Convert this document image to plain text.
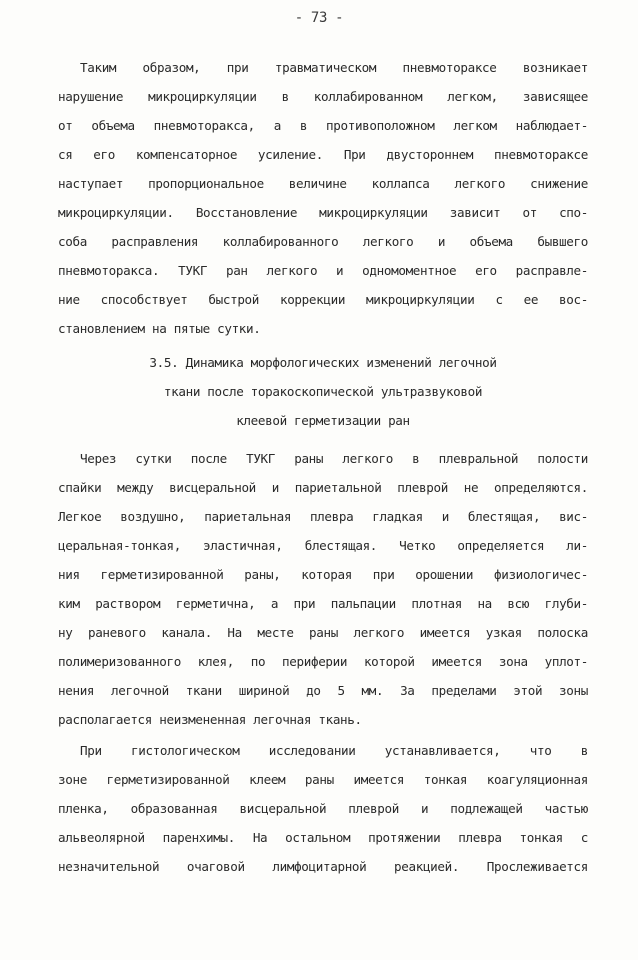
- 73 -
Таким образом, при травматическом пневмотораксе возникает
нарушение микроциркуляции в коллабированном легком, зависящее
от объема пневмоторакса, а в противоположном легком наблюдает-
ся его компенсаторное усиление. При двустороннем пневмотораксе
наступает пропорциональное величине коллапса легкого снижение
микроциркуляции. Восстановление микроциркуляции зависит от спо-
соба расправления коллабированного легкого и объема бывшего
пневмоторакса. ТУКГ ран легкого и одномоментное его расправле-
ние способствует быстрой коррекции микроциркуляции с ее вос-
становлением на пятые сутки.
3.5. Динамика морфологических изменений легочной
ткани после торакоскопической ультразвуковой
клеевой герметизации ран
Через сутки после ТУКГ раны легкого в плевральной полости
спайки между висцеральной и париетальной плеврой не определяются.
Легкое воздушно, париетальная плевра гладкая и блестящая, вис-
церальная-тонкая, эластичная, блестящая. Четко определяется ли-
ния герметизированной раны, которая при орошении физиологичес-
ким раствором герметична, а при пальпации плотная на всю глуби-
ну раневого канала. На месте раны легкого имеется узкая полоска
полимеризованного клея, по периферии которой имеется зона уплот-
нения легочной ткани шириной до 5 мм. За пределами этой зоны
располагается неизмененная легочная ткань.
При гистологическом исследовании устанавливается, что в
зоне герметизированной клеем раны имеется тонкая коагуляционная
пленка, образованная висцеральной плеврой и подлежащей частью
альвеолярной паренхимы. На остальном протяжении плевра тонкая с
незначительной очаговой лимфоцитарной реакцией. Прослеживается
